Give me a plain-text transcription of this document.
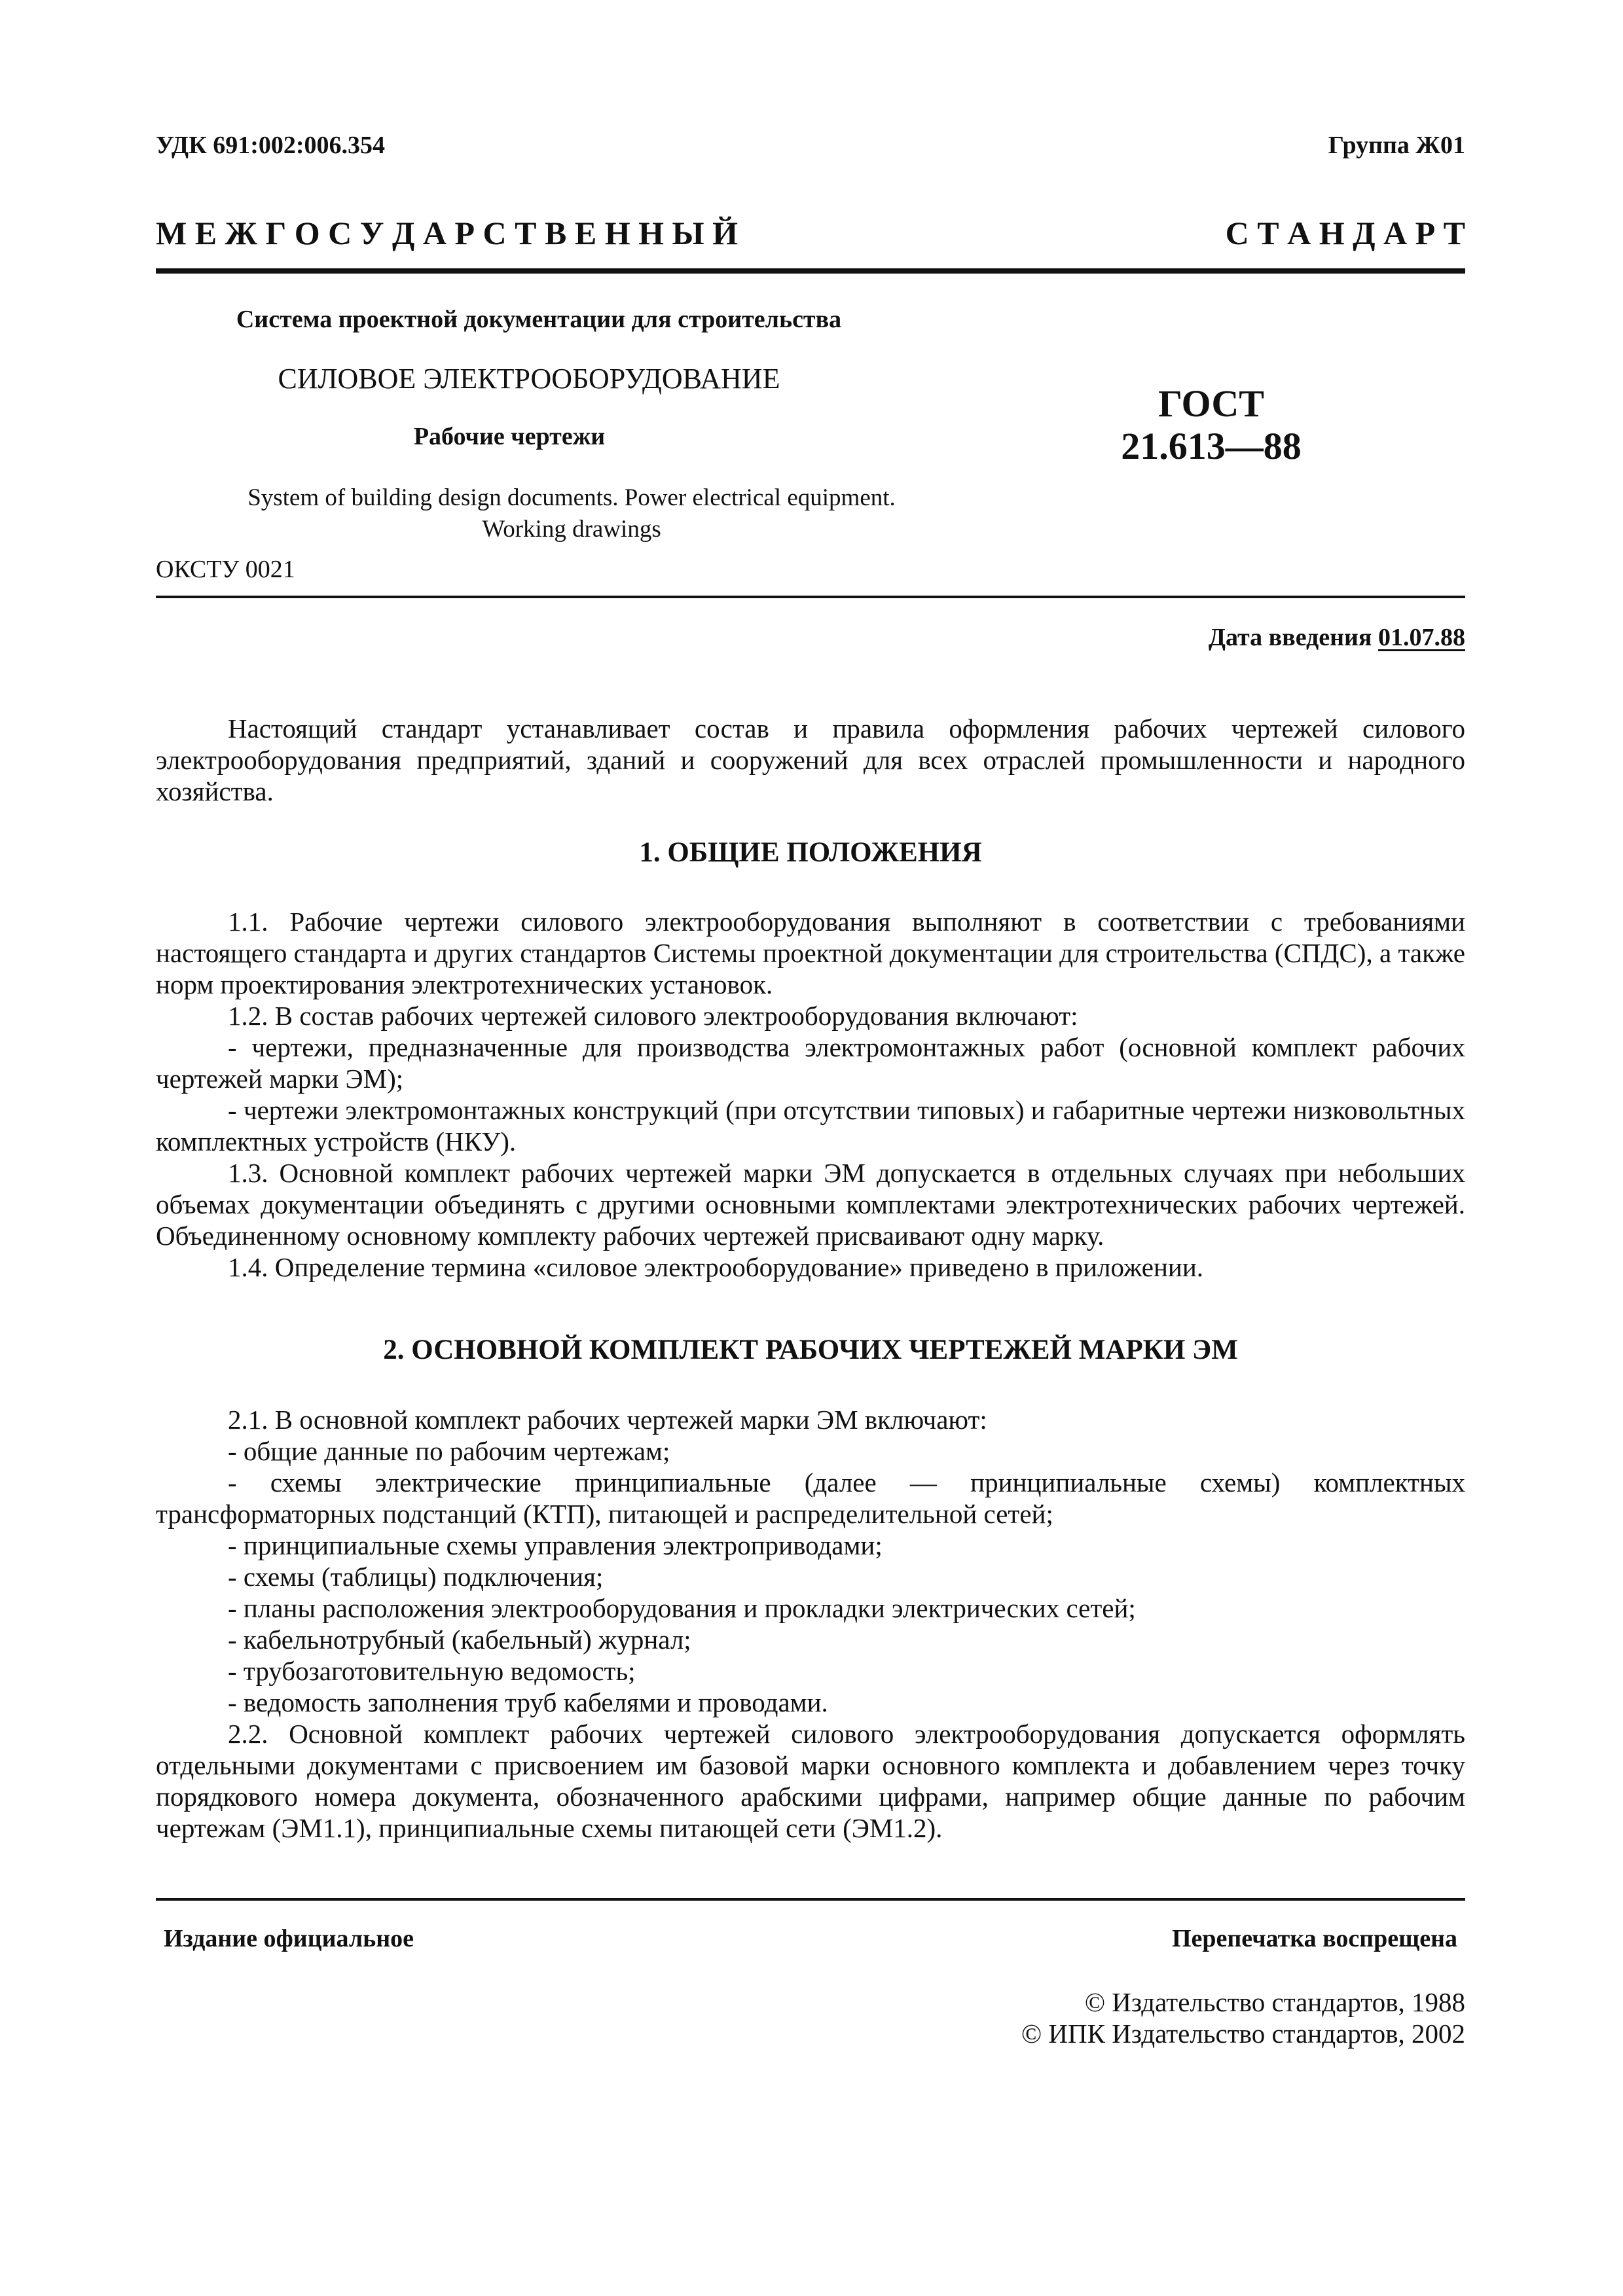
УДК 691:002:006.354	Группа Ж01
М Е Ж Г О С У Д А Р С Т В Е Н Н Ы Й	С Т А Н Д А Р Т
Система проектной документации для строительства
СИЛОВОЕ ЭЛЕКТРООБОРУДОВАНИЕ
Рабочие чертежи
ГОСТ
21.613—88
System of building design documents. Power electrical equipment.
Working drawings
ОКСТУ 0021
Дата введения 01.07.88

Настоящий стандарт устанавливает состав и правила оформления рабочих чертежей силового электрооборудования предприятий, зданий и сооружений для всех отраслей промышленности и народного хозяйства.

1. ОБЩИЕ ПОЛОЖЕНИЯ

1.1. Рабочие чертежи силового электрооборудования выполняют в соответствии с требованиями настоящего стандарта и других стандартов Системы проектной документации для строительства (СПДС), а также норм проектирования электротехнических установок.

1.2. В состав рабочих чертежей силового электрооборудования включают:

- чертежи, предназначенные для производства электромонтажных работ (основной комплект рабочих чертежей марки ЭМ);

- чертежи электромонтажных конструкций (при отсутствии типовых) и габаритные чертежи низковольтных комплектных устройств (НКУ).

1.3. Основной комплект рабочих чертежей марки ЭМ допускается в отдельных случаях при небольших объемах документации объединять с другими основными комплектами электротехнических рабочих чертежей. Объединенному основному комплекту рабочих чертежей присваивают одну марку.

1.4. Определение термина «силовое электрооборудование» приведено в приложении.

2. ОСНОВНОЙ КОМПЛЕКТ РАБОЧИХ ЧЕРТЕЖЕЙ МАРКИ ЭМ

2.1. В основной комплект рабочих чертежей марки ЭМ включают:

- общие данные по рабочим чертежам;

- схемы электрические принципиальные (далее — принципиальные схемы) комплектных трансформаторных подстанций (КТП), питающей и распределительной сетей;

- принципиальные схемы управления электроприводами;

- схемы (таблицы) подключения;

- планы расположения электрооборудования и прокладки электрических сетей;

- кабельнотрубный (кабельный) журнал;

- трубозаготовительную ведомость;

- ведомость заполнения труб кабелями и проводами.

2.2. Основной комплект рабочих чертежей силового электрооборудования допускается оформлять отдельными документами с присвоением им базовой марки основного комплекта и добавлением через точку порядкового номера документа, обозначенного арабскими цифрами, например общие данные по рабочим чертежам (ЭМ1.1), принципиальные схемы питающей сети (ЭМ1.2).

Издание официальное	Перепечатка воспрещена
© Издательство стандартов, 1988
© ИПК Издательство стандартов, 2002
